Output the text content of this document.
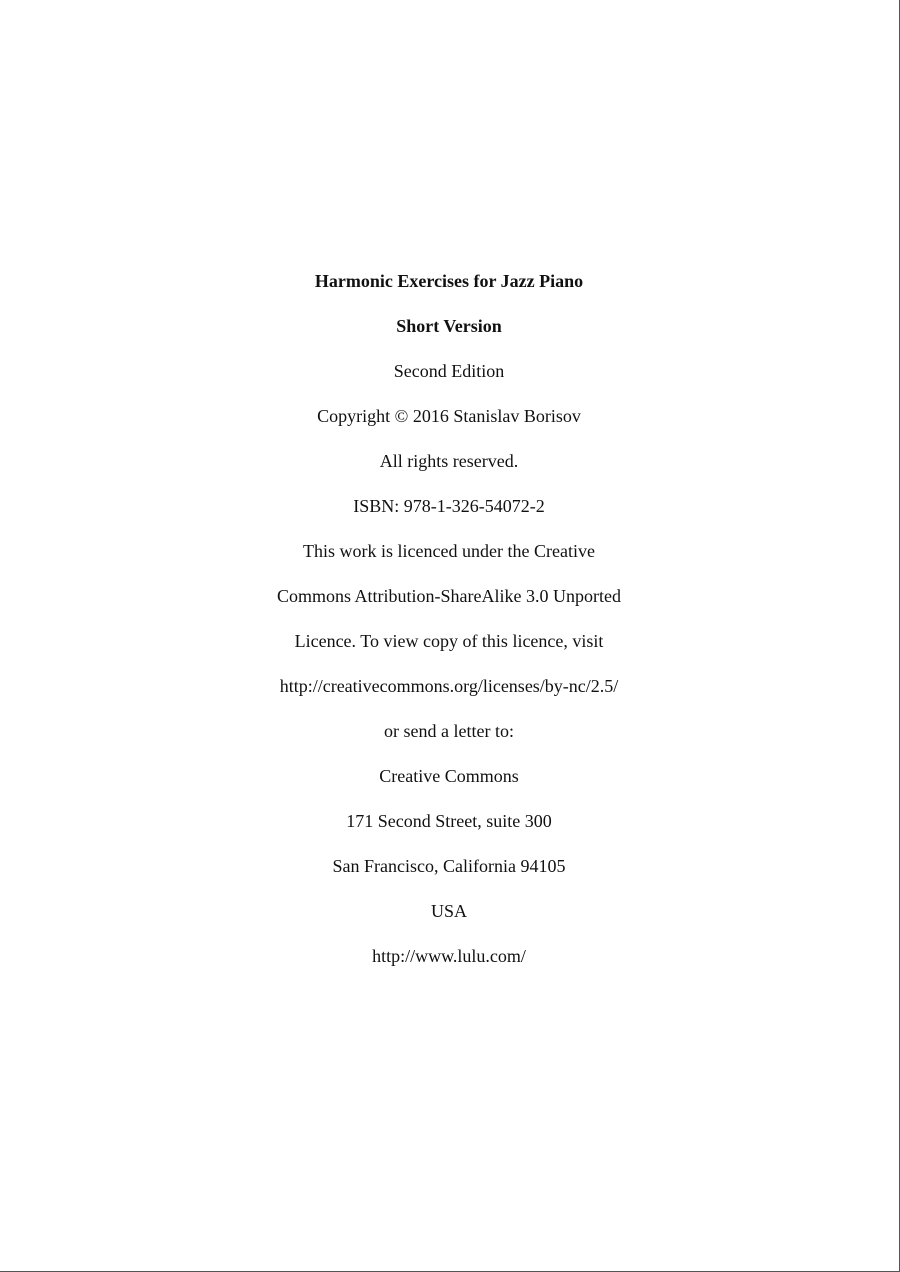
Harmonic Exercises for Jazz Piano
Short Version
Second Edition
Copyright © 2016 Stanislav Borisov
All rights reserved.
ISBN: 978-1-326-54072-2
This work is licenced under the Creative
Commons Attribution-ShareAlike 3.0 Unported
Licence. To view copy of this licence, visit
http://creativecommons.org/licenses/by-nc/2.5/
or send a letter to:
Creative Commons
171 Second Street, suite 300
San Francisco, California 94105
USA
http://www.lulu.com/
